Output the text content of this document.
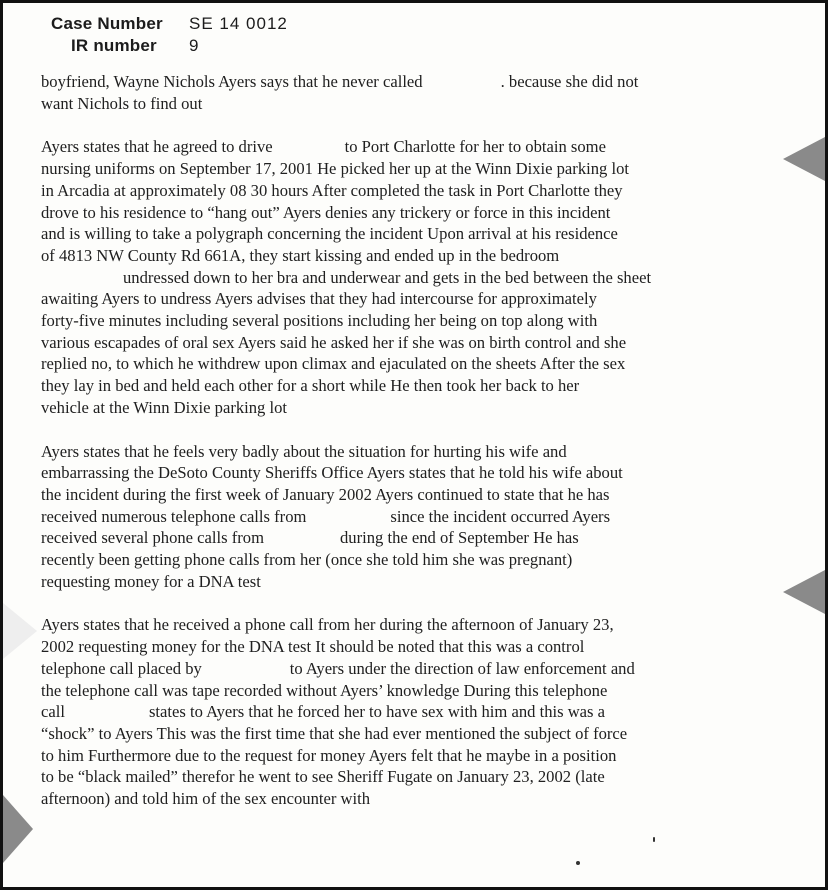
Case Number SE 14 0012
IR number 9

boyfriend, Wayne Nichols Ayers says that he never called	. because she did not
want Nichols to find out

Ayers states that he agreed to drive	to Port Charlotte for her to obtain some
nursing uniforms on September 17, 2001 He picked her up at the Winn Dixie parking lot
in Arcadia at approximately 08 30 hours After completed the task in Port Charlotte they
drove to his residence to “hang out” Ayers denies any trickery or force in this incident
and is willing to take a polygraph concerning the incident Upon arrival at his residence
of 4813 NW County Rd 661A, they start kissing and ended up in the bedroom
undressed down to her bra and underwear and gets in the bed between the sheet
awaiting Ayers to undress Ayers advises that they had intercourse for approximately
forty-five minutes including several positions including her being on top along with
various escapades of oral sex Ayers said he asked her if she was on birth control and she
replied no, to which he withdrew upon climax and ejaculated on the sheets After the sex
they lay in bed and held each other for a short while He then took her back to her
vehicle at the Winn Dixie parking lot

Ayers states that he feels very badly about the situation for hurting his wife and
embarrassing the DeSoto County Sheriffs Office Ayers states that he told his wife about
the incident during the first week of January 2002 Ayers continued to state that he has
received numerous telephone calls from	since the incident occurred Ayers
received several phone calls from	during the end of September He has
recently been getting phone calls from her (once she told him she was pregnant)
requesting money for a DNA test

Ayers states that he received a phone call from her during the afternoon of January 23,
2002 requesting money for the DNA test It should be noted that this was a control
telephone call placed by	to Ayers under the direction of law enforcement and
the telephone call was tape recorded without Ayers’ knowledge During this telephone
call	states to Ayers that he forced her to have sex with him and this was a
“shock” to Ayers This was the first time that she had ever mentioned the subject of force
to him Furthermore due to the request for money Ayers felt that he maybe in a position
to be “black mailed” therefor he went to see Sheriff Fugate on January 23, 2002 (late
afternoon) and told him of the sex encounter with
